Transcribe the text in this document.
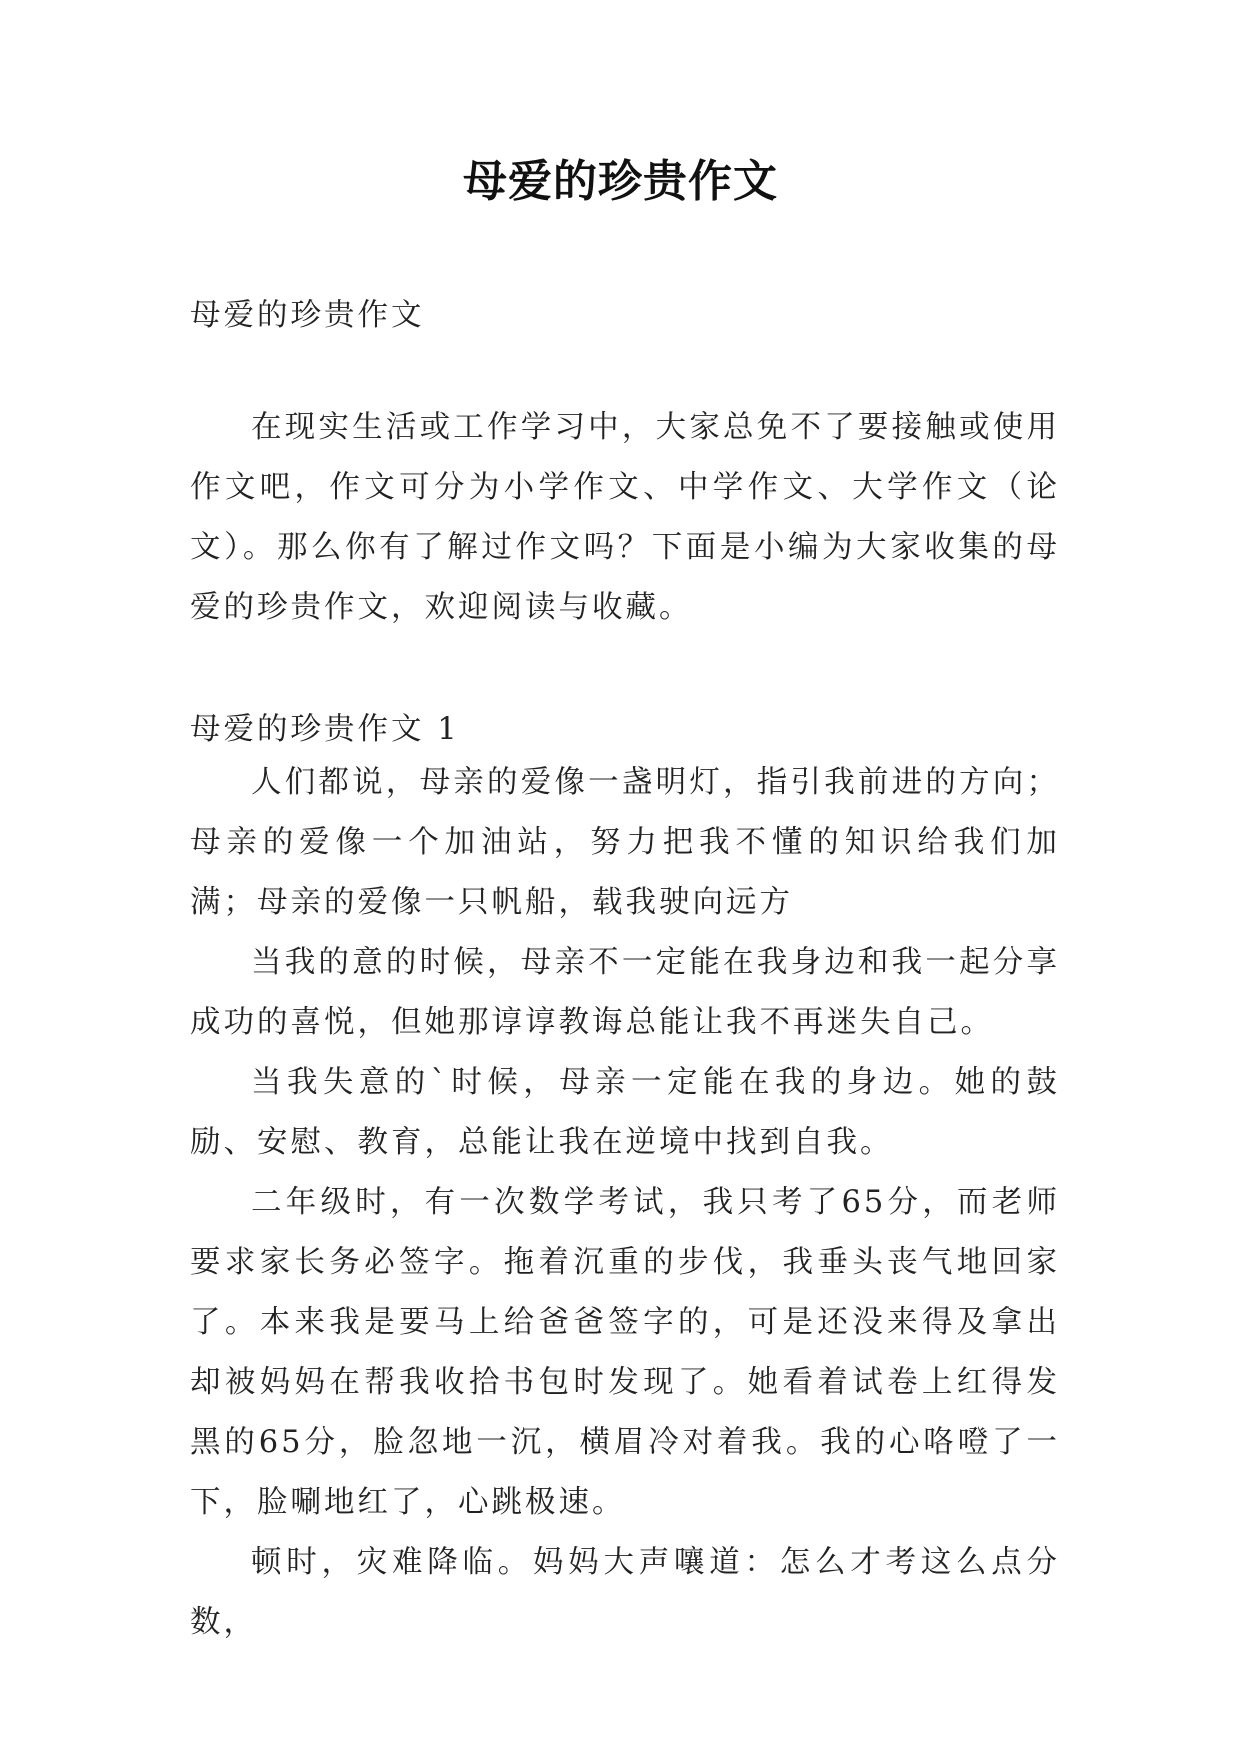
母爱的珍贵作文
母爱的珍贵作文

在现实生活或工作学习中，大家总免不了要接触或使用作文吧，作文可分为小学作文、中学作文、大学作文（论文）。那么你有了解过作文吗？下面是小编为大家收集的母爱的珍贵作文，欢迎阅读与收藏。

母爱的珍贵作文 1

人们都说，母亲的爱像一盏明灯，指引我前进的方向；母亲的爱像一个加油站，努力把我不懂的知识给我们加满；母亲的爱像一只帆船，载我驶向远方

当我的意的时候，母亲不一定能在我身边和我一起分享成功的喜悦，但她那谆谆教诲总能让我不再迷失自己。

当我失意的`时候，母亲一定能在我的身边。她的鼓励、安慰、教育，总能让我在逆境中找到自我。

二年级时，有一次数学考试，我只考了65分，而老师要求家长务必签字。拖着沉重的步伐，我垂头丧气地回家了。本来我是要马上给爸爸签字的，可是还没来得及拿出却被妈妈在帮我收拾书包时发现了。她看着试卷上红得发黑的65分，脸忽地一沉，横眉冷对着我。我的心咯噔了一下，脸唰地红了，心跳极速。

顿时，灾难降临。妈妈大声嚷道：怎么才考这么点分数，
